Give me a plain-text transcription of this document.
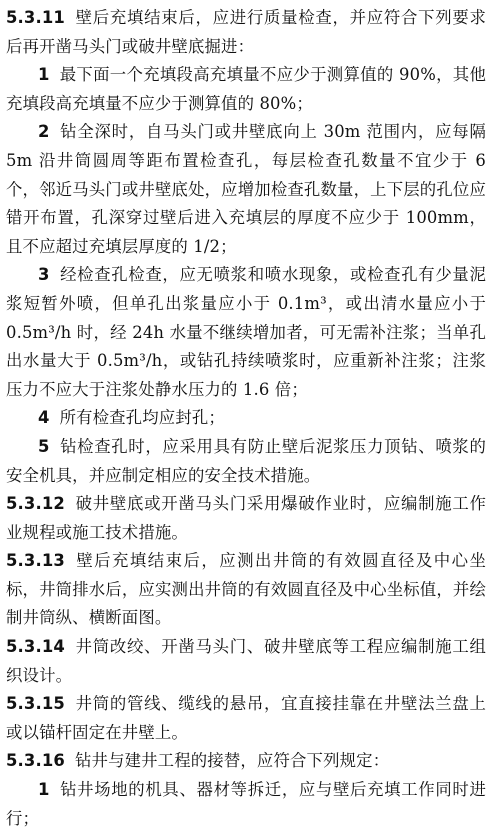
5.3.11 壁后充填结束后，应进行质量检查，并应符合下列要求后再开凿马头门或破井壁底掘进：

1 最下面一个充填段高充填量不应少于测算值的 90%，其他充填段高充填量不应少于测算值的 80%；

2 钻全深时，自马头门或井壁底向上 30m 范围内，应每隔 5m 沿井筒圆周等距布置检查孔，每层检查孔数量不宜少于 6 个，邻近马头门或井壁底处，应增加检查孔数量，上下层的孔位应错开布置，孔深穿过壁后进入充填层的厚度不应少于 100mm，且不应超过充填层厚度的 1/2；

3 经检查孔检查，应无喷浆和喷水现象，或检查孔有少量泥浆短暂外喷，但单孔出浆量应小于 0.1m³，或出清水量应小于 0.5m³/h 时，经 24h 水量不继续增加者，可无需补注浆；当单孔出水量大于 0.5m³/h，或钻孔持续喷浆时，应重新补注浆；注浆压力不应大于注浆处静水压力的 1.6 倍；

4 所有检查孔均应封孔；

5 钻检查孔时，应采用具有防止壁后泥浆压力顶钻、喷浆的安全机具，并应制定相应的安全技术措施。

5.3.12 破井壁底或开凿马头门采用爆破作业时，应编制施工作业规程或施工技术措施。

5.3.13 壁后充填结束后，应测出井筒的有效圆直径及中心坐标，井筒排水后，应实测出井筒的有效圆直径及中心坐标值，并绘制井筒纵、横断面图。

5.3.14 井筒改绞、开凿马头门、破井壁底等工程应编制施工组织设计。

5.3.15 井筒的管线、缆线的悬吊，宜直接挂靠在井壁法兰盘上或以锚杆固定在井壁上。

5.3.16 钻井与建井工程的接替，应符合下列规定：

1 钻井场地的机具、器材等拆迁，应与壁后充填工作同时进行；
